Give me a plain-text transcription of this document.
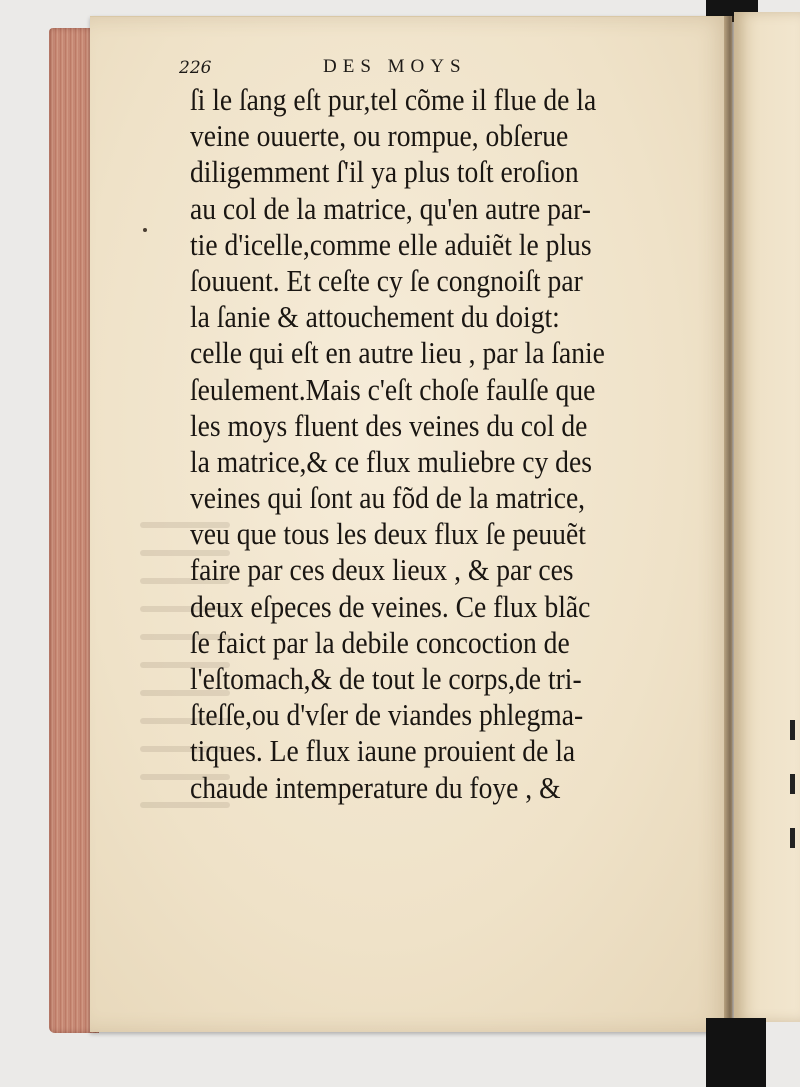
226	DES MOYS
ſi le ſang eſt pur,tel cõme il flue de la
veine ouuerte, ou rompue, obſerue
diligemment ſ'il ya plus toſt eroſion
au col de la matrice, qu'en autre par-
tie d'icelle,comme elle aduiẽt le plus
ſouuent. Et ceſte cy ſe congnoiſt par
la ſanie & attouchement du doigt:
celle qui eſt en autre lieu , par la ſanie
ſeulement.Mais c'eſt choſe faulſe que
les moys fluent des veines du col de
la matrice,& ce flux muliebre cy des
veines qui ſont au fõd de la matrice,
veu que tous les deux flux ſe peuuẽt
faire par ces deux lieux , & par ces
deux eſpeces de veines. Ce flux blãc
ſe faict par la debile concoction de
l'eſtomach,& de tout le corps,de tri-
ſteſſe,ou d'vſer de viandes phlegma-
tiques. Le flux iaune prouient de la
chaude intemperature du foye , &
